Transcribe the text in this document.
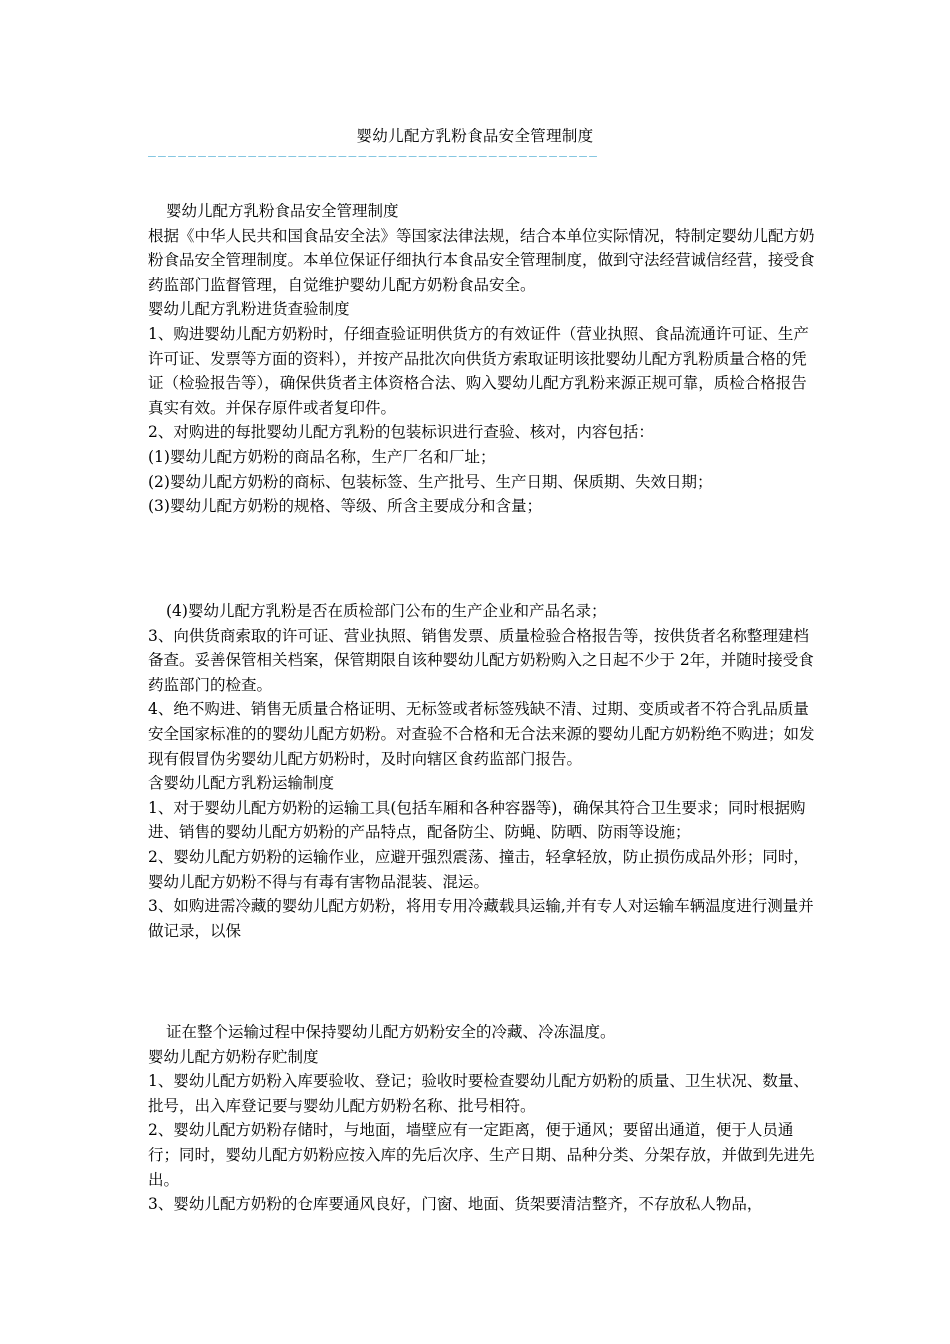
婴幼儿配方乳粉食品安全管理制度
—————————————————————————————————————————————

婴幼儿配方乳粉食品安全管理制度

根据《中华人民共和国食品安全法》等国家法律法规，结合本单位实际情况，特制定婴幼儿配方奶粉食品安全管理制度。本单位保证仔细执行本食品安全管理制度，做到守法经营诚信经营，接受食药监部门监督管理，自觉维护婴幼儿配方奶粉食品安全。

婴幼儿配方乳粉进货查验制度

1、购进婴幼儿配方奶粉时，仔细查验证明供货方的有效证件（营业执照、食品流通许可证、生产许可证、发票等方面的资料），并按产品批次向供货方索取证明该批婴幼儿配方乳粉质量合格的凭证（检验报告等），确保供货者主体资格合法、购入婴幼儿配方乳粉来源正规可靠，质检合格报告真实有效。并保存原件或者复印件。

2、对购进的每批婴幼儿配方乳粉的包装标识进行查验、核对，内容包括：

(1)婴幼儿配方奶粉的商品名称，生产厂名和厂址；

(2)婴幼儿配方奶粉的商标、包装标签、生产批号、生产日期、保质期、失效日期；

(3)婴幼儿配方奶粉的规格、等级、所含主要成分和含量；

(4)婴幼儿配方乳粉是否在质检部门公布的生产企业和产品名录；

3、向供货商索取的许可证、营业执照、销售发票、质量检验合格报告等，按供货者名称整理建档备查。妥善保管相关档案，保管期限自该种婴幼儿配方奶粉购入之日起不少于 2年，并随时接受食药监部门的检查。

4、绝不购进、销售无质量合格证明、无标签或者标签残缺不清、过期、变质或者不符合乳品质量安全国家标准的的婴幼儿配方奶粉。对查验不合格和无合法来源的婴幼儿配方奶粉绝不购进；如发现有假冒伪劣婴幼儿配方奶粉时，及时向辖区食药监部门报告。

含婴幼儿配方乳粉运输制度

1、对于婴幼儿配方奶粉的运输工具(包括车厢和各种容器等)，确保其符合卫生要求；同时根据购进、销售的婴幼儿配方奶粉的产品特点，配备防尘、防蝇、防晒、防雨等设施；

2、婴幼儿配方奶粉的运输作业，应避开强烈震荡、撞击，轻拿轻放，防止损伤成品外形；同时，婴幼儿配方奶粉不得与有毒有害物品混装、混运。

3、如购进需冷藏的婴幼儿配方奶粉，将用专用冷藏载具运输,并有专人对运输车辆温度进行测量并做记录，以保

证在整个运输过程中保持婴幼儿配方奶粉安全的冷藏、冷冻温度。

婴幼儿配方奶粉存贮制度

1、婴幼儿配方奶粉入库要验收、登记；验收时要检查婴幼儿配方奶粉的质量、卫生状况、数量、批号，出入库登记要与婴幼儿配方奶粉名称、批号相符。

2、婴幼儿配方奶粉存储时，与地面，墙壁应有一定距离，便于通风；要留出通道，便于人员通行；同时，婴幼儿配方奶粉应按入库的先后次序、生产日期、品种分类、分架存放，并做到先进先出。

3、婴幼儿配方奶粉的仓库要通风良好，门窗、地面、货架要清洁整齐，不存放私人物品，
